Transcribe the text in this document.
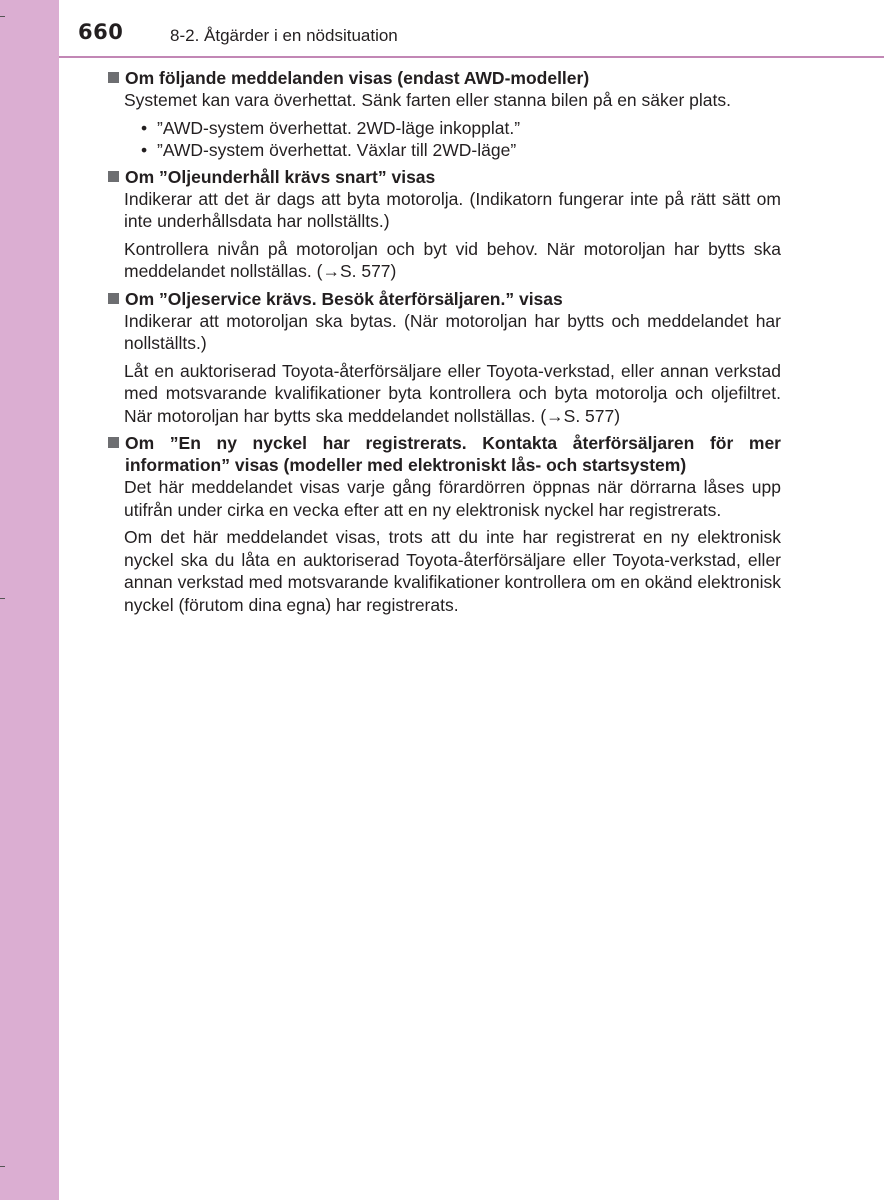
660	8-2. Åtgärder i en nödsituation
Om följande meddelanden visas (endast AWD-modeller)

Systemet kan vara överhettat. Sänk farten eller stanna bilen på en säker plats.

• ”AWD-system överhettat. 2WD-läge inkopplat.”
• ”AWD-system överhettat. Växlar till 2WD-läge”
Om ”Oljeunderhåll krävs snart” visas

Indikerar att det är dags att byta motorolja. (Indikatorn fungerar inte på rätt sätt om inte underhållsdata har nollställts.)

Kontrollera nivån på motoroljan och byt vid behov. När motoroljan har bytts ska meddelandet nollställas. (→S. 577)

Om ”Oljeservice krävs. Besök återförsäljaren.” visas

Indikerar att motoroljan ska bytas. (När motoroljan har bytts och meddelandet har nollställts.)

Låt en auktoriserad Toyota-återförsäljare eller Toyota-verkstad, eller annan verkstad med motsvarande kvalifikationer byta kontrollera och byta motorolja och oljefiltret. När motoroljan har bytts ska meddelandet nollställas. (→S. 577)

Om ”En ny nyckel har registrerats. Kontakta återförsäljaren för mer information” visas (modeller med elektroniskt lås- och startsystem)

Det här meddelandet visas varje gång förardörren öppnas när dörrarna låses upp utifrån under cirka en vecka efter att en ny elektronisk nyckel har registrerats.

Om det här meddelandet visas, trots att du inte har registrerat en ny elektronisk nyckel ska du låta en auktoriserad Toyota-återförsäljare eller Toyota-verkstad, eller annan verkstad med motsvarande kvalifikationer kontrollera om en okänd elektronisk nyckel (förutom dina egna) har registrerats.
